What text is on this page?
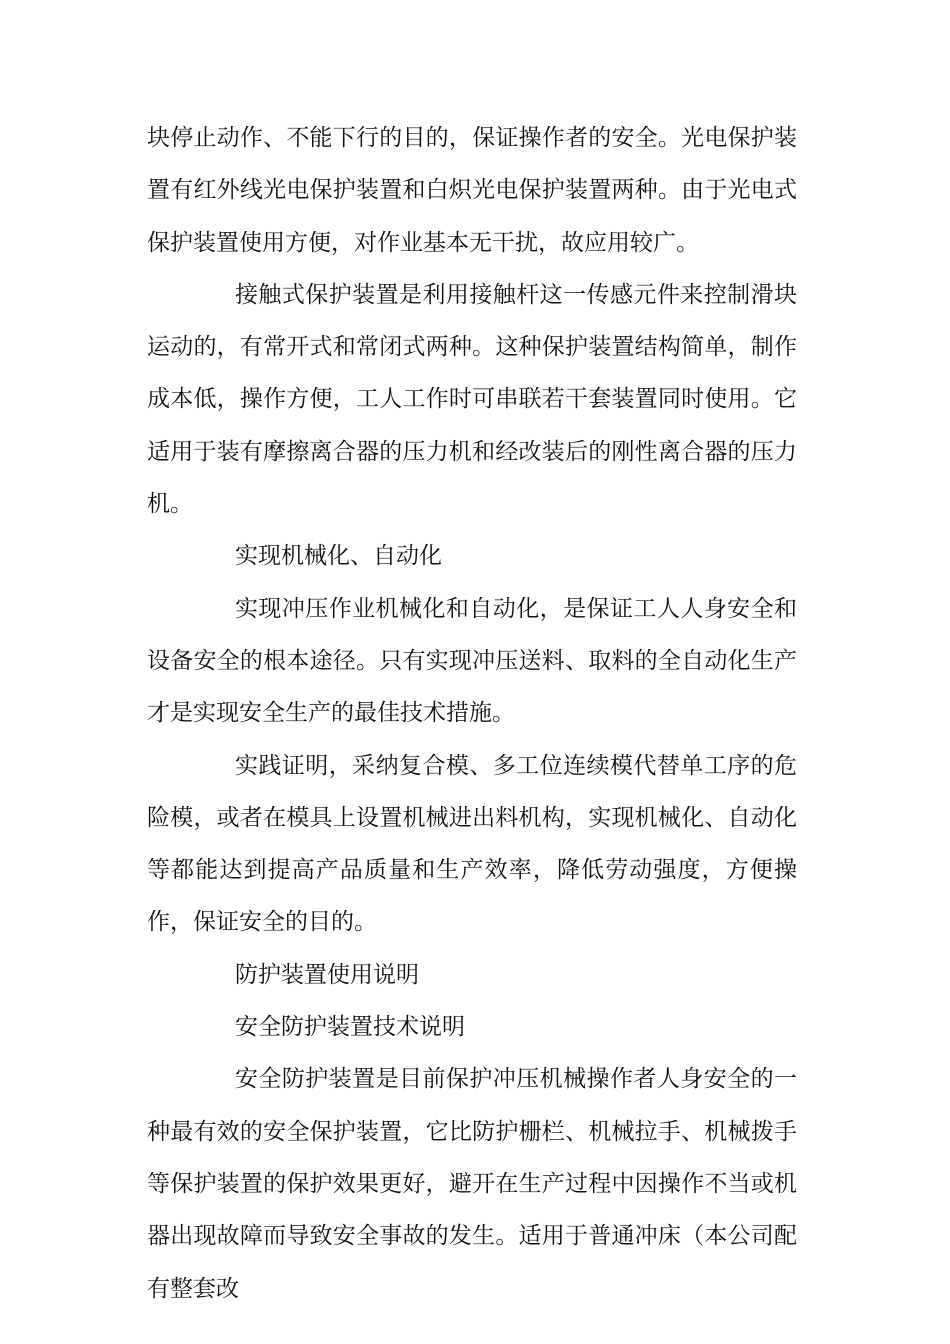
块停止动作、不能下行的目的，保证操作者的安全。光电保护装置有红外线光电保护装置和白炽光电保护装置两种。由于光电式保护装置使用方便，对作业基本无干扰，故应用较广。

接触式保护装置是利用接触杆这一传感元件来控制滑块运动的，有常开式和常闭式两种。这种保护装置结构简单，制作成本低，操作方便，工人工作时可串联若干套装置同时使用。它适用于装有摩擦离合器的压力机和经改装后的刚性离合器的压力机。

实现机械化、自动化

实现冲压作业机械化和自动化，是保证工人人身安全和设备安全的根本途径。只有实现冲压送料、取料的全自动化生产才是实现安全生产的最佳技术措施。

实践证明，采纳复合模、多工位连续模代替单工序的危险模，或者在模具上设置机械进出料机构，实现机械化、自动化等都能达到提高产品质量和生产效率，降低劳动强度，方便操作，保证安全的目的。

防护装置使用说明

安全防护装置技术说明

安全防护装置是目前保护冲压机械操作者人身安全的一种最有效的安全保护装置，它比防护栅栏、机械拉手、机械拨手等保护装置的保护效果更好，避开在生产过程中因操作不当或机器出现故障而导致安全事故的发生。适用于普通冲床（本公司配有整套改
